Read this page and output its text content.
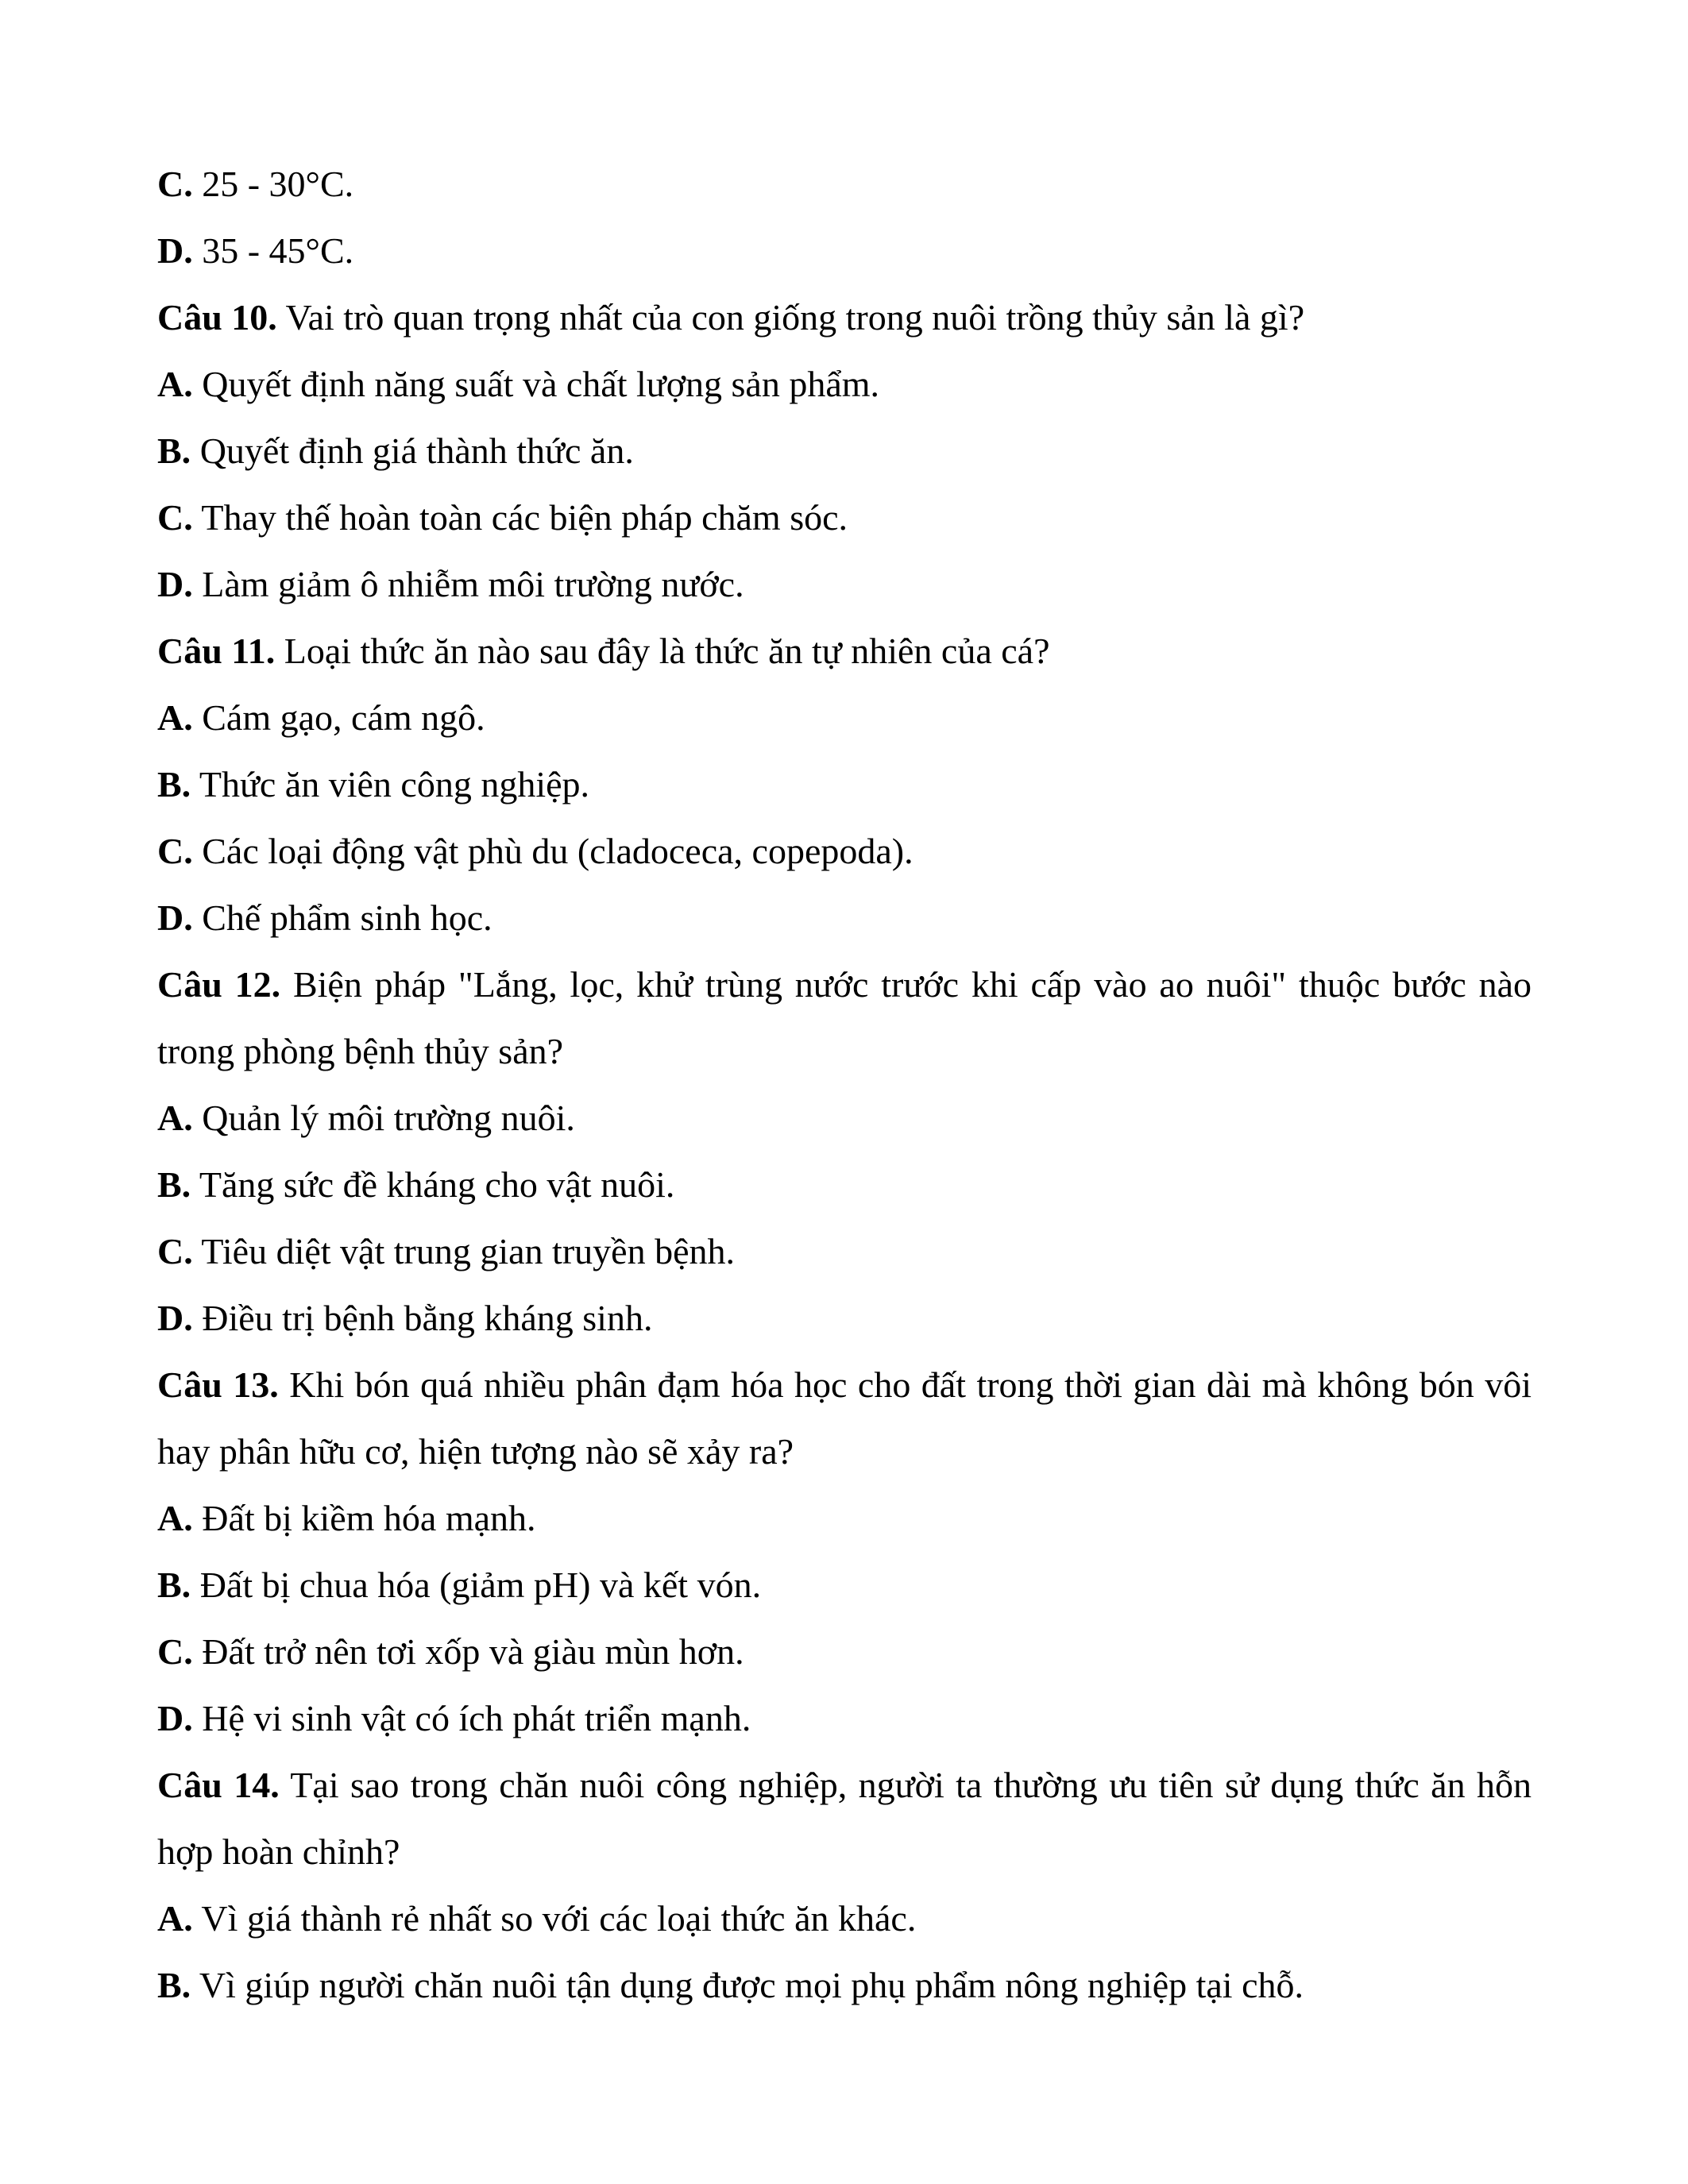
C. 25 - 30°C.
D. 35 - 45°C.
Câu 10. Vai trò quan trọng nhất của con giống trong nuôi trồng thủy sản là gì?
A. Quyết định năng suất và chất lượng sản phẩm.
B. Quyết định giá thành thức ăn.
C. Thay thế hoàn toàn các biện pháp chăm sóc.
D. Làm giảm ô nhiễm môi trường nước.
Câu 11. Loại thức ăn nào sau đây là thức ăn tự nhiên của cá?
A. Cám gạo, cám ngô.
B. Thức ăn viên công nghiệp.
C. Các loại động vật phù du (cladoceca, copepoda).
D. Chế phẩm sinh học.
Câu 12. Biện pháp "Lắng, lọc, khử trùng nước trước khi cấp vào ao nuôi" thuộc bước nào trong phòng bệnh thủy sản?
A. Quản lý môi trường nuôi.
B. Tăng sức đề kháng cho vật nuôi.
C. Tiêu diệt vật trung gian truyền bệnh.
D. Điều trị bệnh bằng kháng sinh.
Câu 13. Khi bón quá nhiều phân đạm hóa học cho đất trong thời gian dài mà không bón vôi hay phân hữu cơ, hiện tượng nào sẽ xảy ra?
A. Đất bị kiềm hóa mạnh.
B. Đất bị chua hóa (giảm pH) và kết vón.
C. Đất trở nên tơi xốp và giàu mùn hơn.
D. Hệ vi sinh vật có ích phát triển mạnh.
Câu 14. Tại sao trong chăn nuôi công nghiệp, người ta thường ưu tiên sử dụng thức ăn hỗn hợp hoàn chỉnh?
A. Vì giá thành rẻ nhất so với các loại thức ăn khác.
B. Vì giúp người chăn nuôi tận dụng được mọi phụ phẩm nông nghiệp tại chỗ.
